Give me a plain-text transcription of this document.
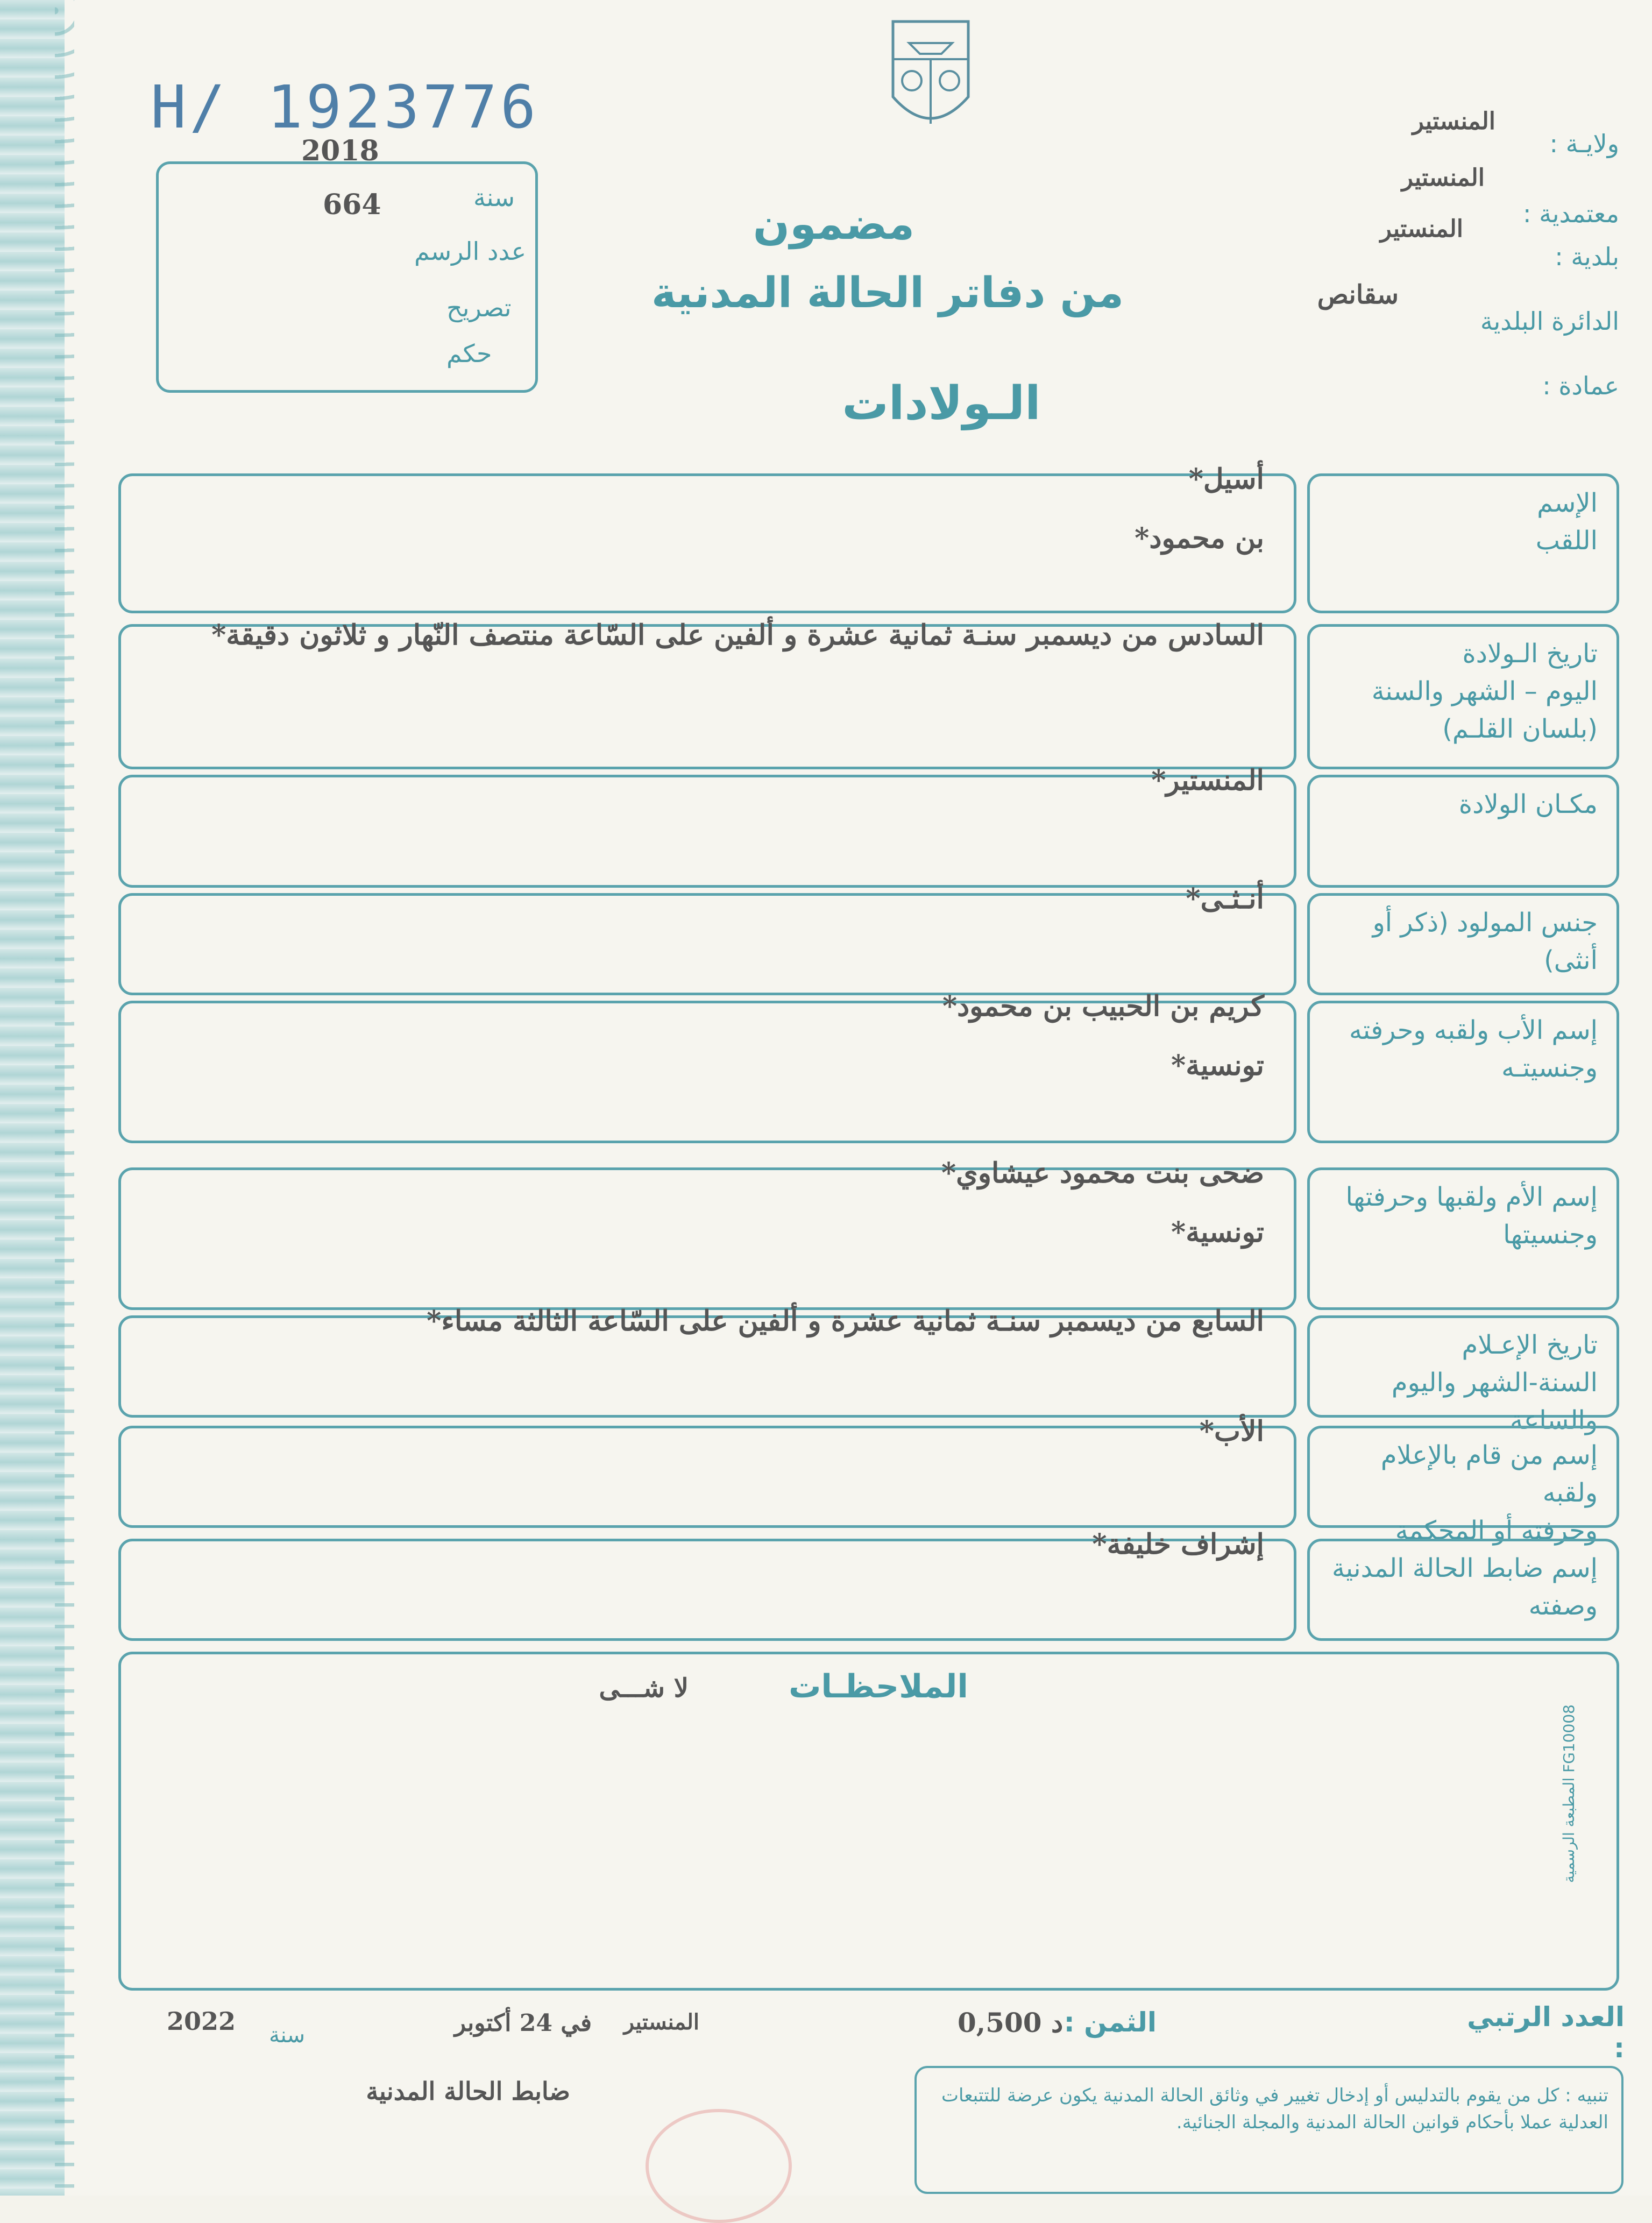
H/ 1923776
2018
سنة
664
عدد الرسم
تصريح
حكم
ولايـة :
المنستير
معتمدية :
المنستير
بلدية :
المنستير
الدائرة البلدية
سقانص
عمادة :
مضمون
من دفاتر الحالة المدنية
الـولادات
الإسم
اللقب
أسيل*
بن محمود*
تاريخ الـولادة
اليوم – الشهر والسنة
(بلسان القلـم)
السادس من ديسمبر سنـة ثمانية عشرة و ألفين على السّاعة منتصف النّهار و ثلاثون دقيقة*
مكـان الولادة
المنستير*
جنس المولود (ذكر أو أنثى)
أنـثـى*
إسم الأب ولقبه وحرفته
وجنسيتـه
كريم بن الحبيب بن محمود*
تونسية*
إسم الأم ولقبها وحرفتها
وجنسيتها
ضحى بنت محمود عيشاوي*
تونسية*
تاريخ الإعـلام
السنة-الشهر واليوم والساعة
السابع من ديسمبر سنـة ثمانية عشرة و ألفين على السّاعة الثالثة مساء*
إسم من قام بالإعلام ولقبه
وحرفته أو المحكمة
الأب*
إسم ضابط الحالة المدنية
وصفته
إشراف خليفة*
الملاحظـات
لا شـــى
المطبعة الرسمية FG10008
العدد الرتبي :
الثمن :
0,500 د
المنستير
في 24 أكتوبر
سنة
2022
ضابط الحالة المدنية	تنبيه : كل من يقوم بالتدليس أو إدخال تغيير في وثائق الحالة المدنية يكون عرضة للتتبعات العدلية عملا بأحكام قوانين الحالة المدنية والمجلة الجنائية.
